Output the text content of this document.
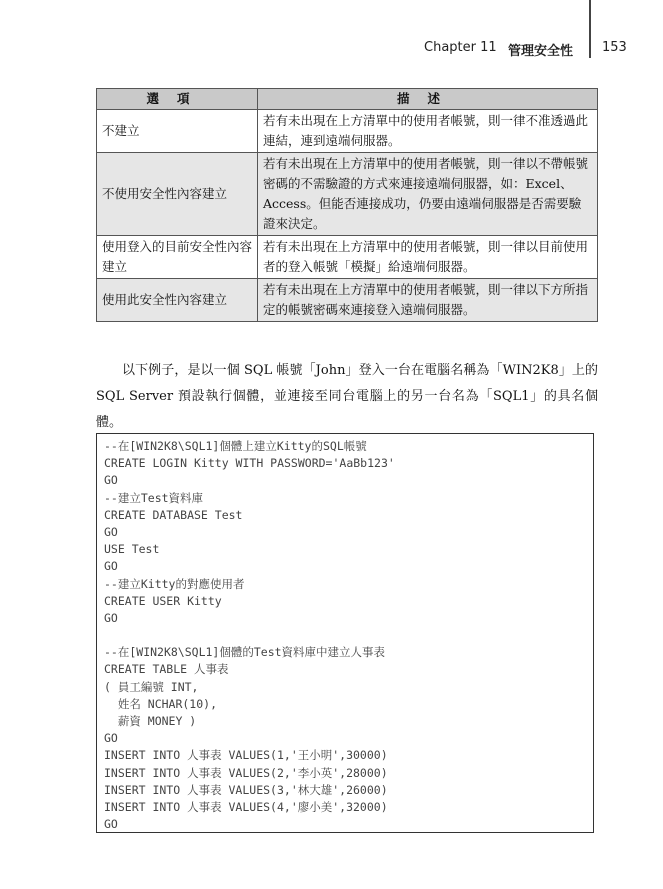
Chapter 11 管理安全性 153
選項	描述
不建立	若有未出現在上方清單中的使用者帳號，則一律不准透過此連結，連到遠端伺服器。
不使用安全性內容建立	若有未出現在上方清單中的使用者帳號，則一律以不帶帳號密碼的不需驗證的方式來連接遠端伺服器，如：Excel、Access。但能否連接成功，仍要由遠端伺服器是否需要驗證來決定。
使用登入的目前安全性內容建立	若有未出現在上方清單中的使用者帳號，則一律以目前使用者的登入帳號「模擬」給遠端伺服器。
使用此安全性內容建立	若有未出現在上方清單中的使用者帳號，則一律以下方所指定的帳號密碼來連接登入遠端伺服器。

以下例子，是以一個 SQL 帳號「John」登入一台在電腦名稱為「WIN2K8」上的 SQL Server 預設執行個體，並連接至同台電腦上的另一台名為「SQL1」的具名個體。

--在[WIN2K8\SQL1]個體上建立Kitty的SQL帳號
CREATE LOGIN Kitty WITH PASSWORD='AaBb123'
GO
--建立Test資料庫
CREATE DATABASE Test
GO
USE Test
GO
--建立Kitty的對應使用者
CREATE USER Kitty
GO
--在[WIN2K8\SQL1]個體的Test資料庫中建立人事表
CREATE TABLE 人事表
( 員工編號 INT,
姓名 NCHAR(10),
薪資 MONEY )
GO
INSERT INTO 人事表 VALUES(1,'王小明',30000)
INSERT INTO 人事表 VALUES(2,'李小英',28000)
INSERT INTO 人事表 VALUES(3,'林大雄',26000)
INSERT INTO 人事表 VALUES(4,'廖小美',32000)
GO
